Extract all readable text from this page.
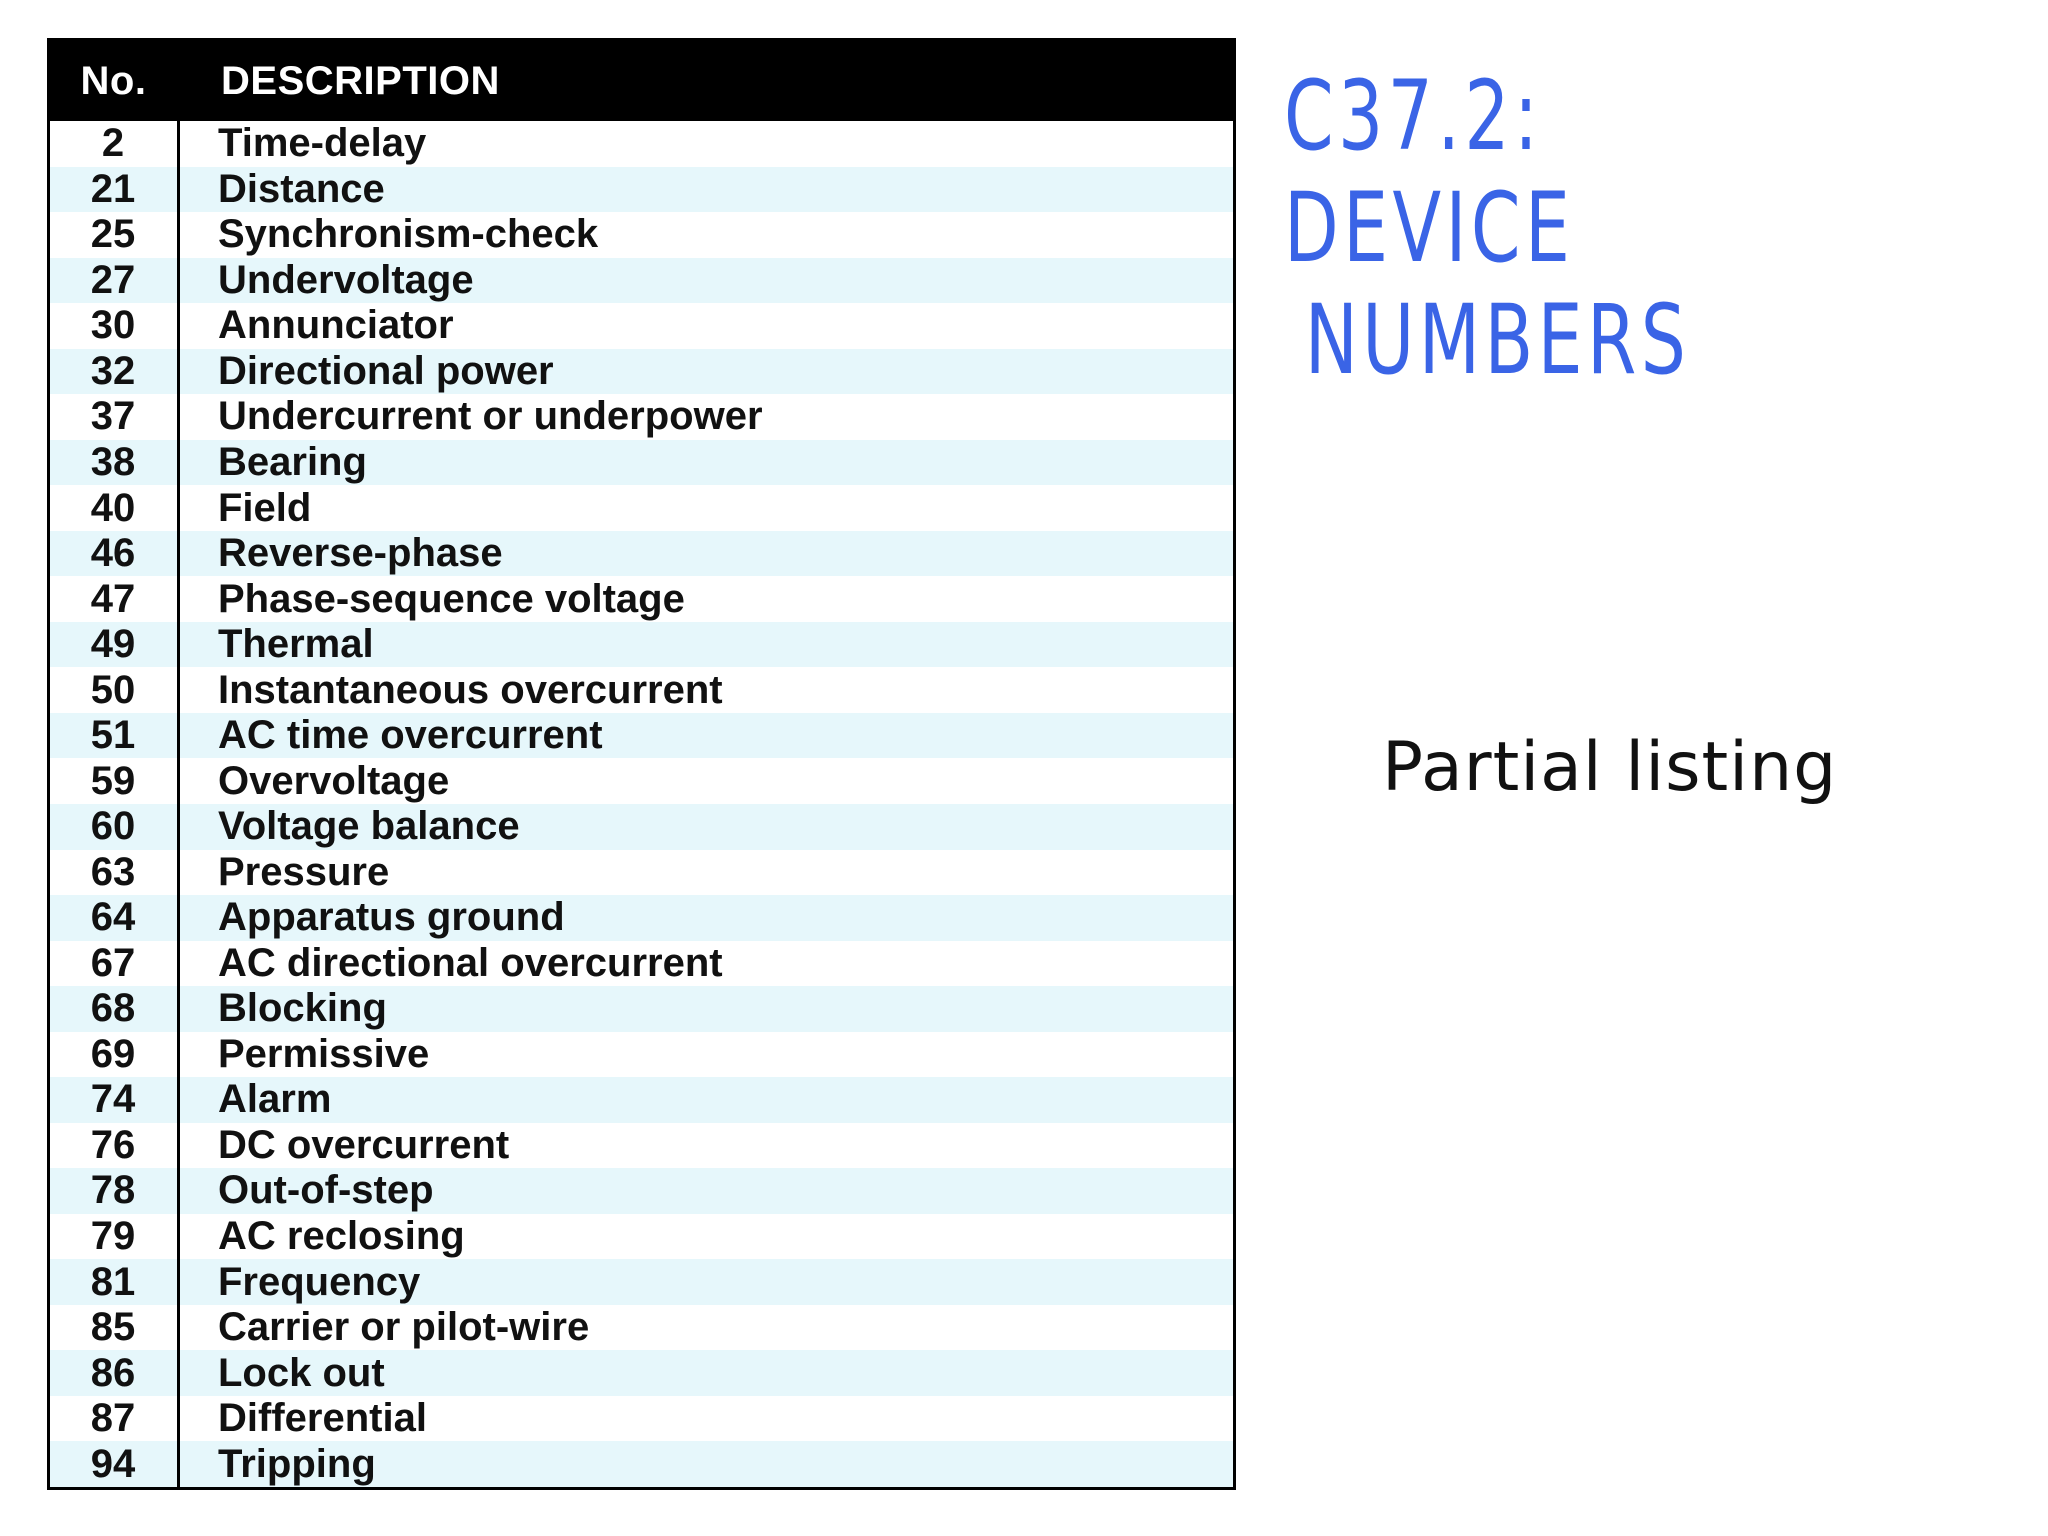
No.	DESCRIPTION
2	Time-delay
21	Distance
25	Synchronism-check
27	Undervoltage
30	Annunciator
32	Directional power
37	Undercurrent or underpower
38	Bearing
40	Field
46	Reverse-phase
47	Phase-sequence voltage
49	Thermal
50	Instantaneous overcurrent
51	AC time overcurrent
59	Overvoltage
60	Voltage balance
63	Pressure
64	Apparatus ground
67	AC directional overcurrent
68	Blocking
69	Permissive
74	Alarm
76	DC overcurrent
78	Out-of-step
79	AC reclosing
81	Frequency
85	Carrier or pilot-wire
86	Lock out
87	Differential
94	Tripping
C37.2: DEVICE
NUMBERS
Partial listing
